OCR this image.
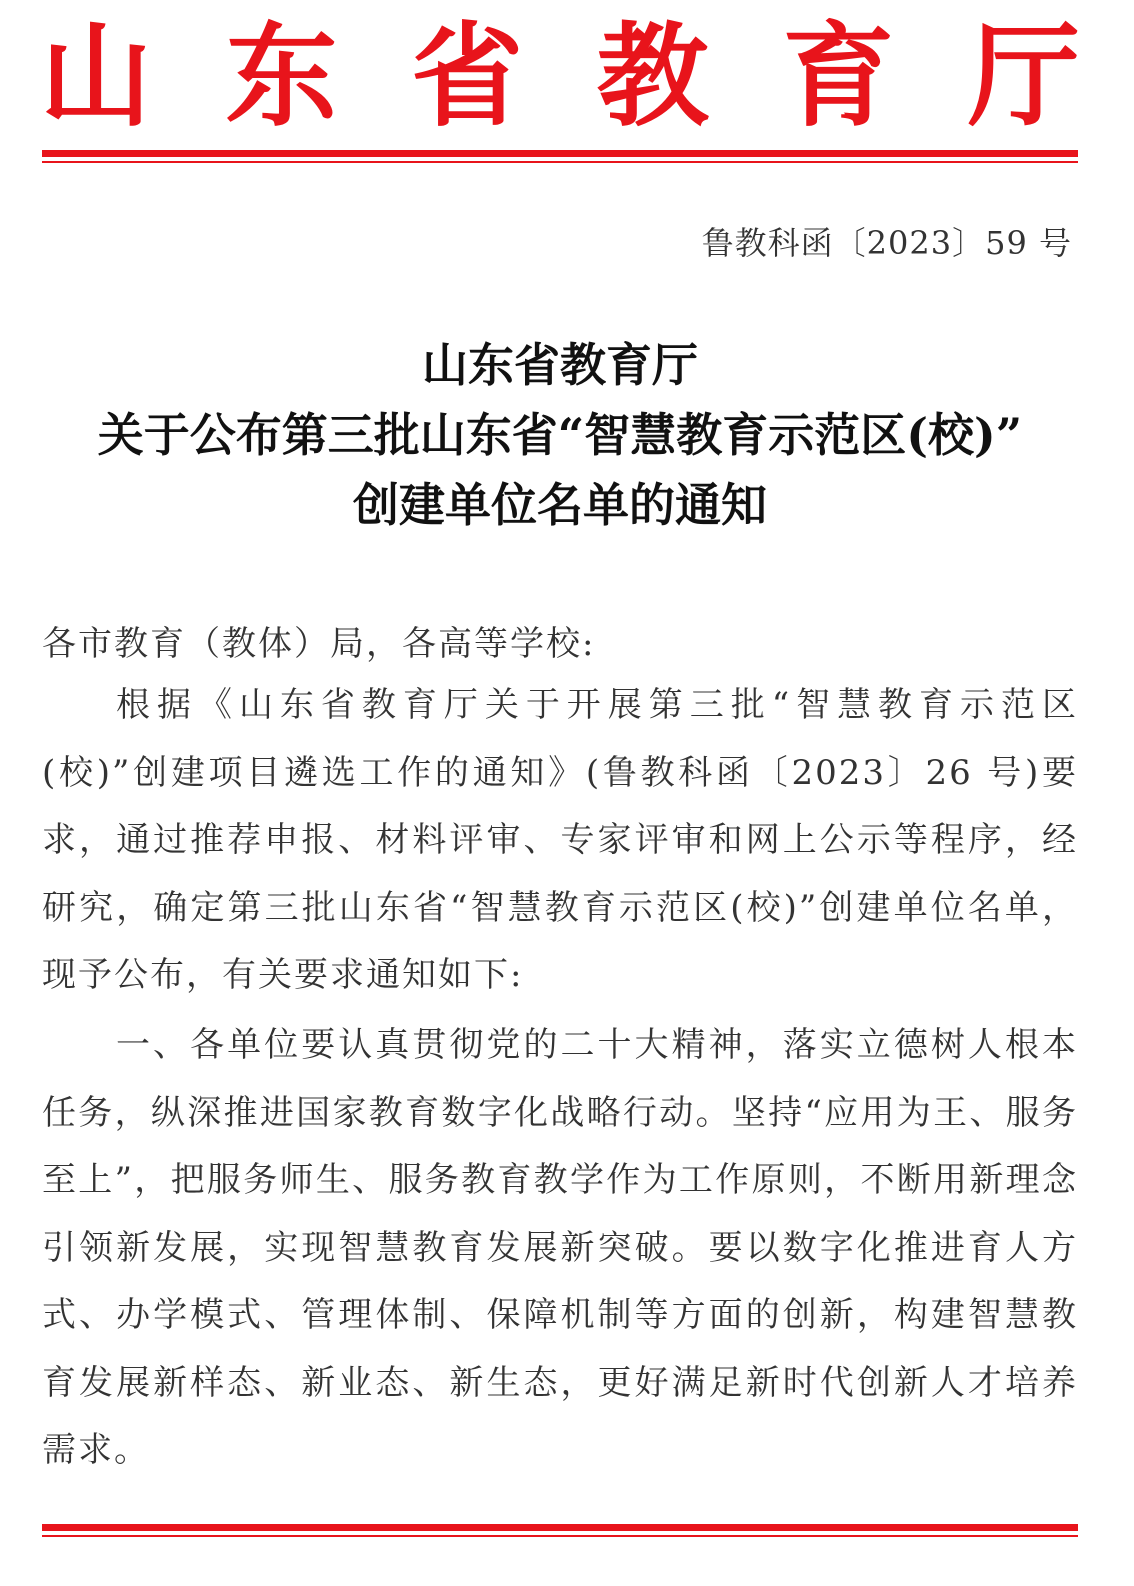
山 东 省 教 育 厅
鲁教科函〔2023〕59 号
山东省教育厅
关于公布第三批山东省“智慧教育示范区(校)”
创建单位名单的通知
各市教育（教体）局，各高等学校:
根据《山东省教育厅关于开展第三批“智慧教育示范区(校)”创建项目遴选工作的通知》(鲁教科函〔2023〕26 号)要求，通过推荐申报、材料评审、专家评审和网上公示等程序，经研究，确定第三批山东省“智慧教育示范区(校)”创建单位名单，现予公布，有关要求通知如下:
一、各单位要认真贯彻党的二十大精神，落实立德树人根本任务，纵深推进国家教育数字化战略行动。坚持“应用为王、服务至上”，把服务师生、服务教育教学作为工作原则，不断用新理念引领新发展，实现智慧教育发展新突破。要以数字化推进育人方式、办学模式、管理体制、保障机制等方面的创新，构建智慧教育发展新样态、新业态、新生态，更好满足新时代创新人才培养需求。
